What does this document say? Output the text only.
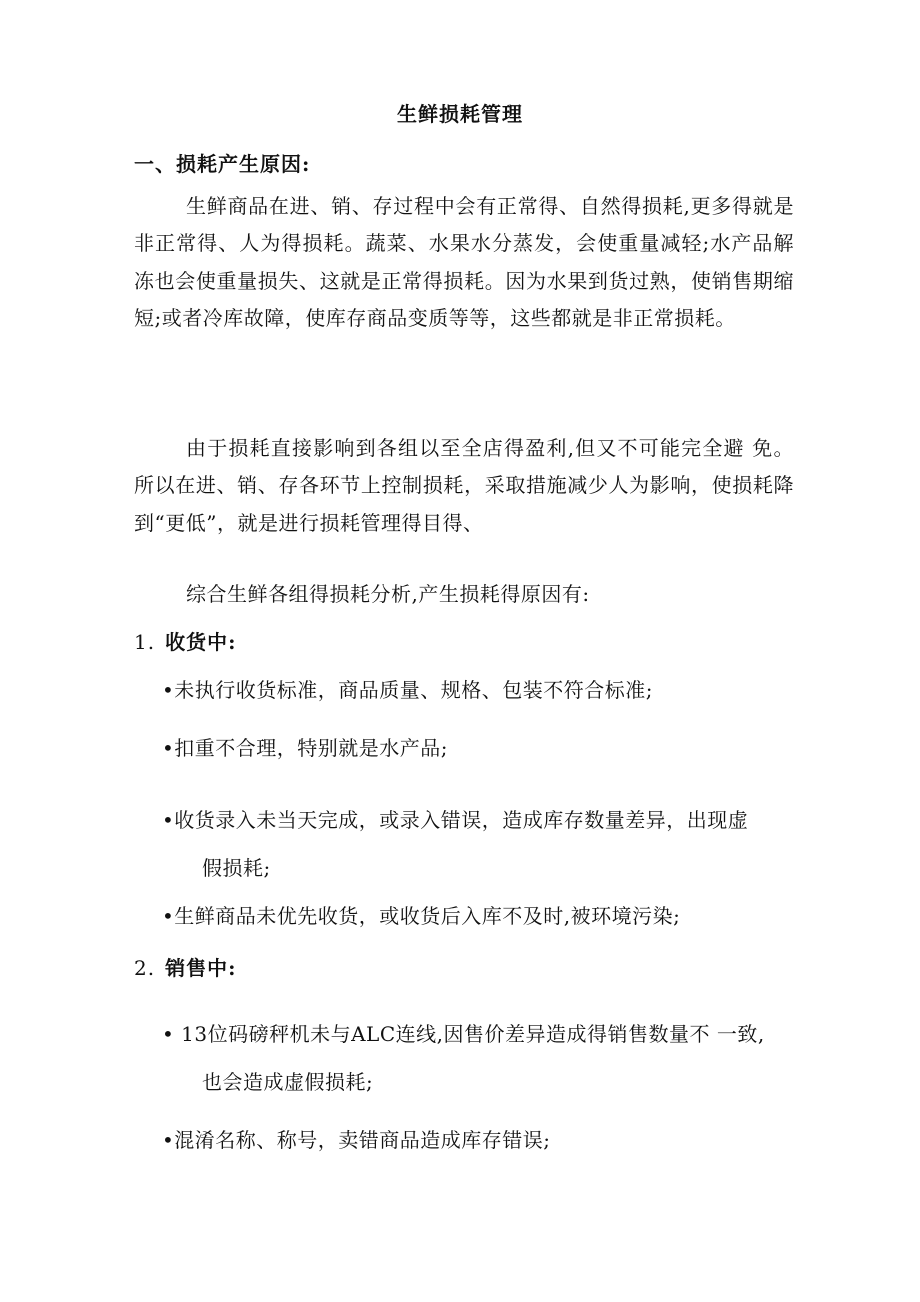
生鲜损耗管理
一、损耗产生原因:
生鲜商品在进、销、存过程中会有正常得、自然得损耗,更多得就是非正常得、人为得损耗。蔬菜、水果水分蒸发，会使重量减轻;水产品解冻也会使重量损失、这就是正常得损耗。因为水果到货过熟，使销售期缩短;或者冷库故障，使库存商品变质等等，这些都就是非正常损耗。
由于损耗直接影响到各组以至全店得盈利,但又不可能完全避 免。所以在进、销、存各环节上控制损耗，采取措施减少人为影响，使损耗降到“更低”，就是进行损耗管理得目得、
综合生鲜各组得损耗分析,产生损耗得原因有:
1. 收货中:
•未执行收货标准，商品质量、规格、包装不符合标准;
•扣重不合理，特别就是水产品;
•收货录入未当天完成，或录入错误，造成库存数量差异，出现虚
假损耗;
•生鲜商品未优先收货，或收货后入库不及时,被环境污染;
2. 销售中:
• 13位码磅秤机未与ALC连线,因售价差异造成得销售数量不 一致,
也会造成虚假损耗;
•混淆名称、称号，卖错商品造成库存错误;
